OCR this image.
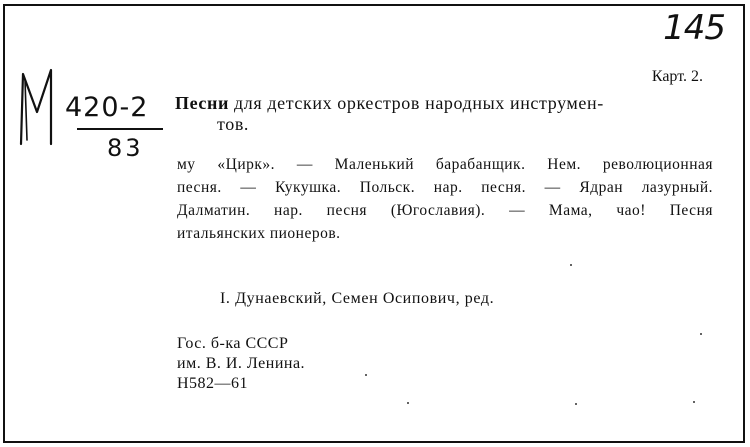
145
420-2
83
Карт. 2.
Песни для детских оркестров народных инструмен-
тов.
му «Цирк». — Маленький барабанщик. Нем. революционная
песня. — Кукушка. Польск. нар. песня. — Ядран лазурный.
Далматин. нар. песня (Югославия). — Мама, чао! Песня
итальянских пионеров.
I. Дунаевский, Семен Осипович, ред.
Гос. б-ка СССР
им. В. И. Ленина.
Н582—61
